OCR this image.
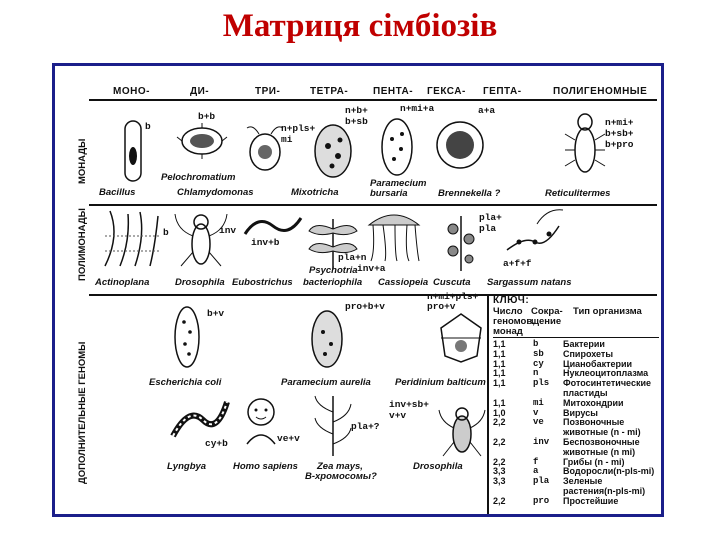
Матриця сімбіозів
МОНО-	ДИ-	ТРИ-	ТЕТРА- ПЕНТА- ГЕКСА- ГЕПТА-	ПОЛИГЕНОМНЫЕ
МОНАДЫ
ПОЛИМОНАДЫ
ДОПОЛНИТЕЛЬНЫЕ ГЕНОМЫ
b
b+b
n+pls+
mi
n+b+
b+sb
n+mi+a	a+a
n+mi+
b+sb+
b+pro
Pelochromatium
Bacillus	Chlamydomonas	Mixotricha
Paramecium
bursaria	Brennekella ?	Reticulitermes
b	inv
inv+b
pla+n
Psychotria inv+a
pla+
pla
a+f+f
Actinoplana	Drosophila Eubostrichus bacteriophila Cassiopeia Cuscuta Sargassum natans
b+v
pro+b+v
n+mi+pls+
pro+v
Escherichia coli	Paramecium aurelia	Peridinium balticum
cy+b	ve+v
pla+?
inv+sb+
v+v
Lyngbya	Homo sapiens Zea mays,
B-хромосомы?
Drosophila
КЛЮЧ:
Число
геномов,
монад
Сокра-
щение
Тип организма
1,1	b	Бактерии
1,1	sb Спирохеты
1,1	cy Цианобактерии
1,1	n	Нуклеоцитоплазма
1,1	pls Фотосинтетические
пластиды
1,1	mi Митохондрии
1,0	v	Вирусы
2,2	ve Позвоночные
животные (n - mi)
2,2	inv Беспозвоночные
животные (n mi)
2,2	f	Грибы (n - mi)
3,3	a	Водоросли(n-pls-mi)
3,3	pla Зеленые
растения(n-pls-mi)
2,2	pro Простейшие
